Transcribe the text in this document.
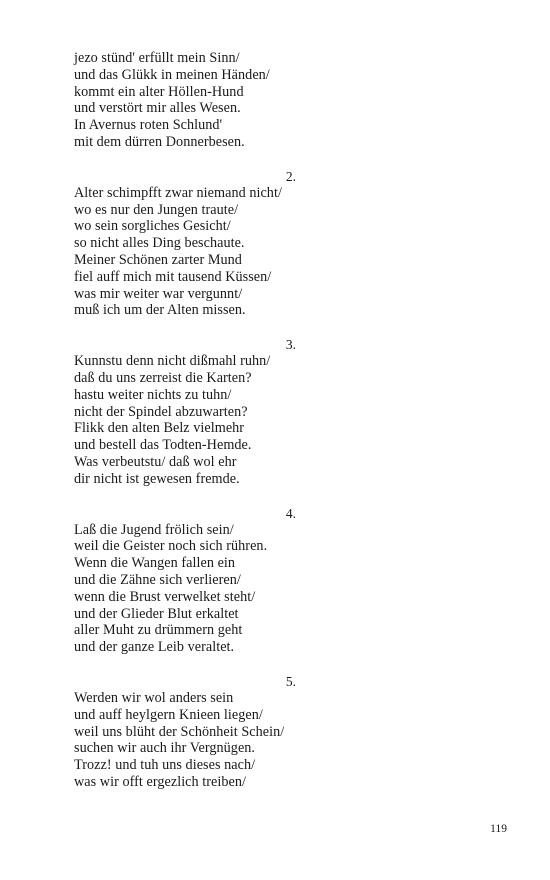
jezo stünd' erfüllt mein Sinn/
und das Glükk in meinen Händen/
kommt ein alter Höllen-Hund
und verstört mir alles Wesen.
In Avernus roten Schlund'
mit dem dürren Donnerbesen.
2.
Alter schimpfft zwar niemand nicht/
wo es nur den Jungen traute/
wo sein sorgliches Gesicht/
so nicht alles Ding beschaute.
Meiner Schönen zarter Mund
fiel auff mich mit tausend Küssen/
was mir weiter war vergunnt/
muß ich um der Alten missen.
3.
Kunnstu denn nicht dißmahl ruhn/
daß du uns zerreist die Karten?
hastu weiter nichts zu tuhn/
nicht der Spindel abzuwarten?
Flikk den alten Belz vielmehr
und bestell das Todten-Hemde.
Was verbeutstu/ daß wol ehr
dir nicht ist gewesen fremde.
4.
Laß die Jugend frölich sein/
weil die Geister noch sich rühren.
Wenn die Wangen fallen ein
und die Zähne sich verlieren/
wenn die Brust verwelket steht/
und der Glieder Blut erkaltet
aller Muht zu drümmern geht
und der ganze Leib veraltet.
5.
Werden wir wol anders sein
und auff heylgern Knieen liegen/
weil uns blüht der Schönheit Schein/
suchen wir auch ihr Vergnügen.
Trozz! und tuh uns dieses nach/
was wir offt ergezlich treiben/
119
